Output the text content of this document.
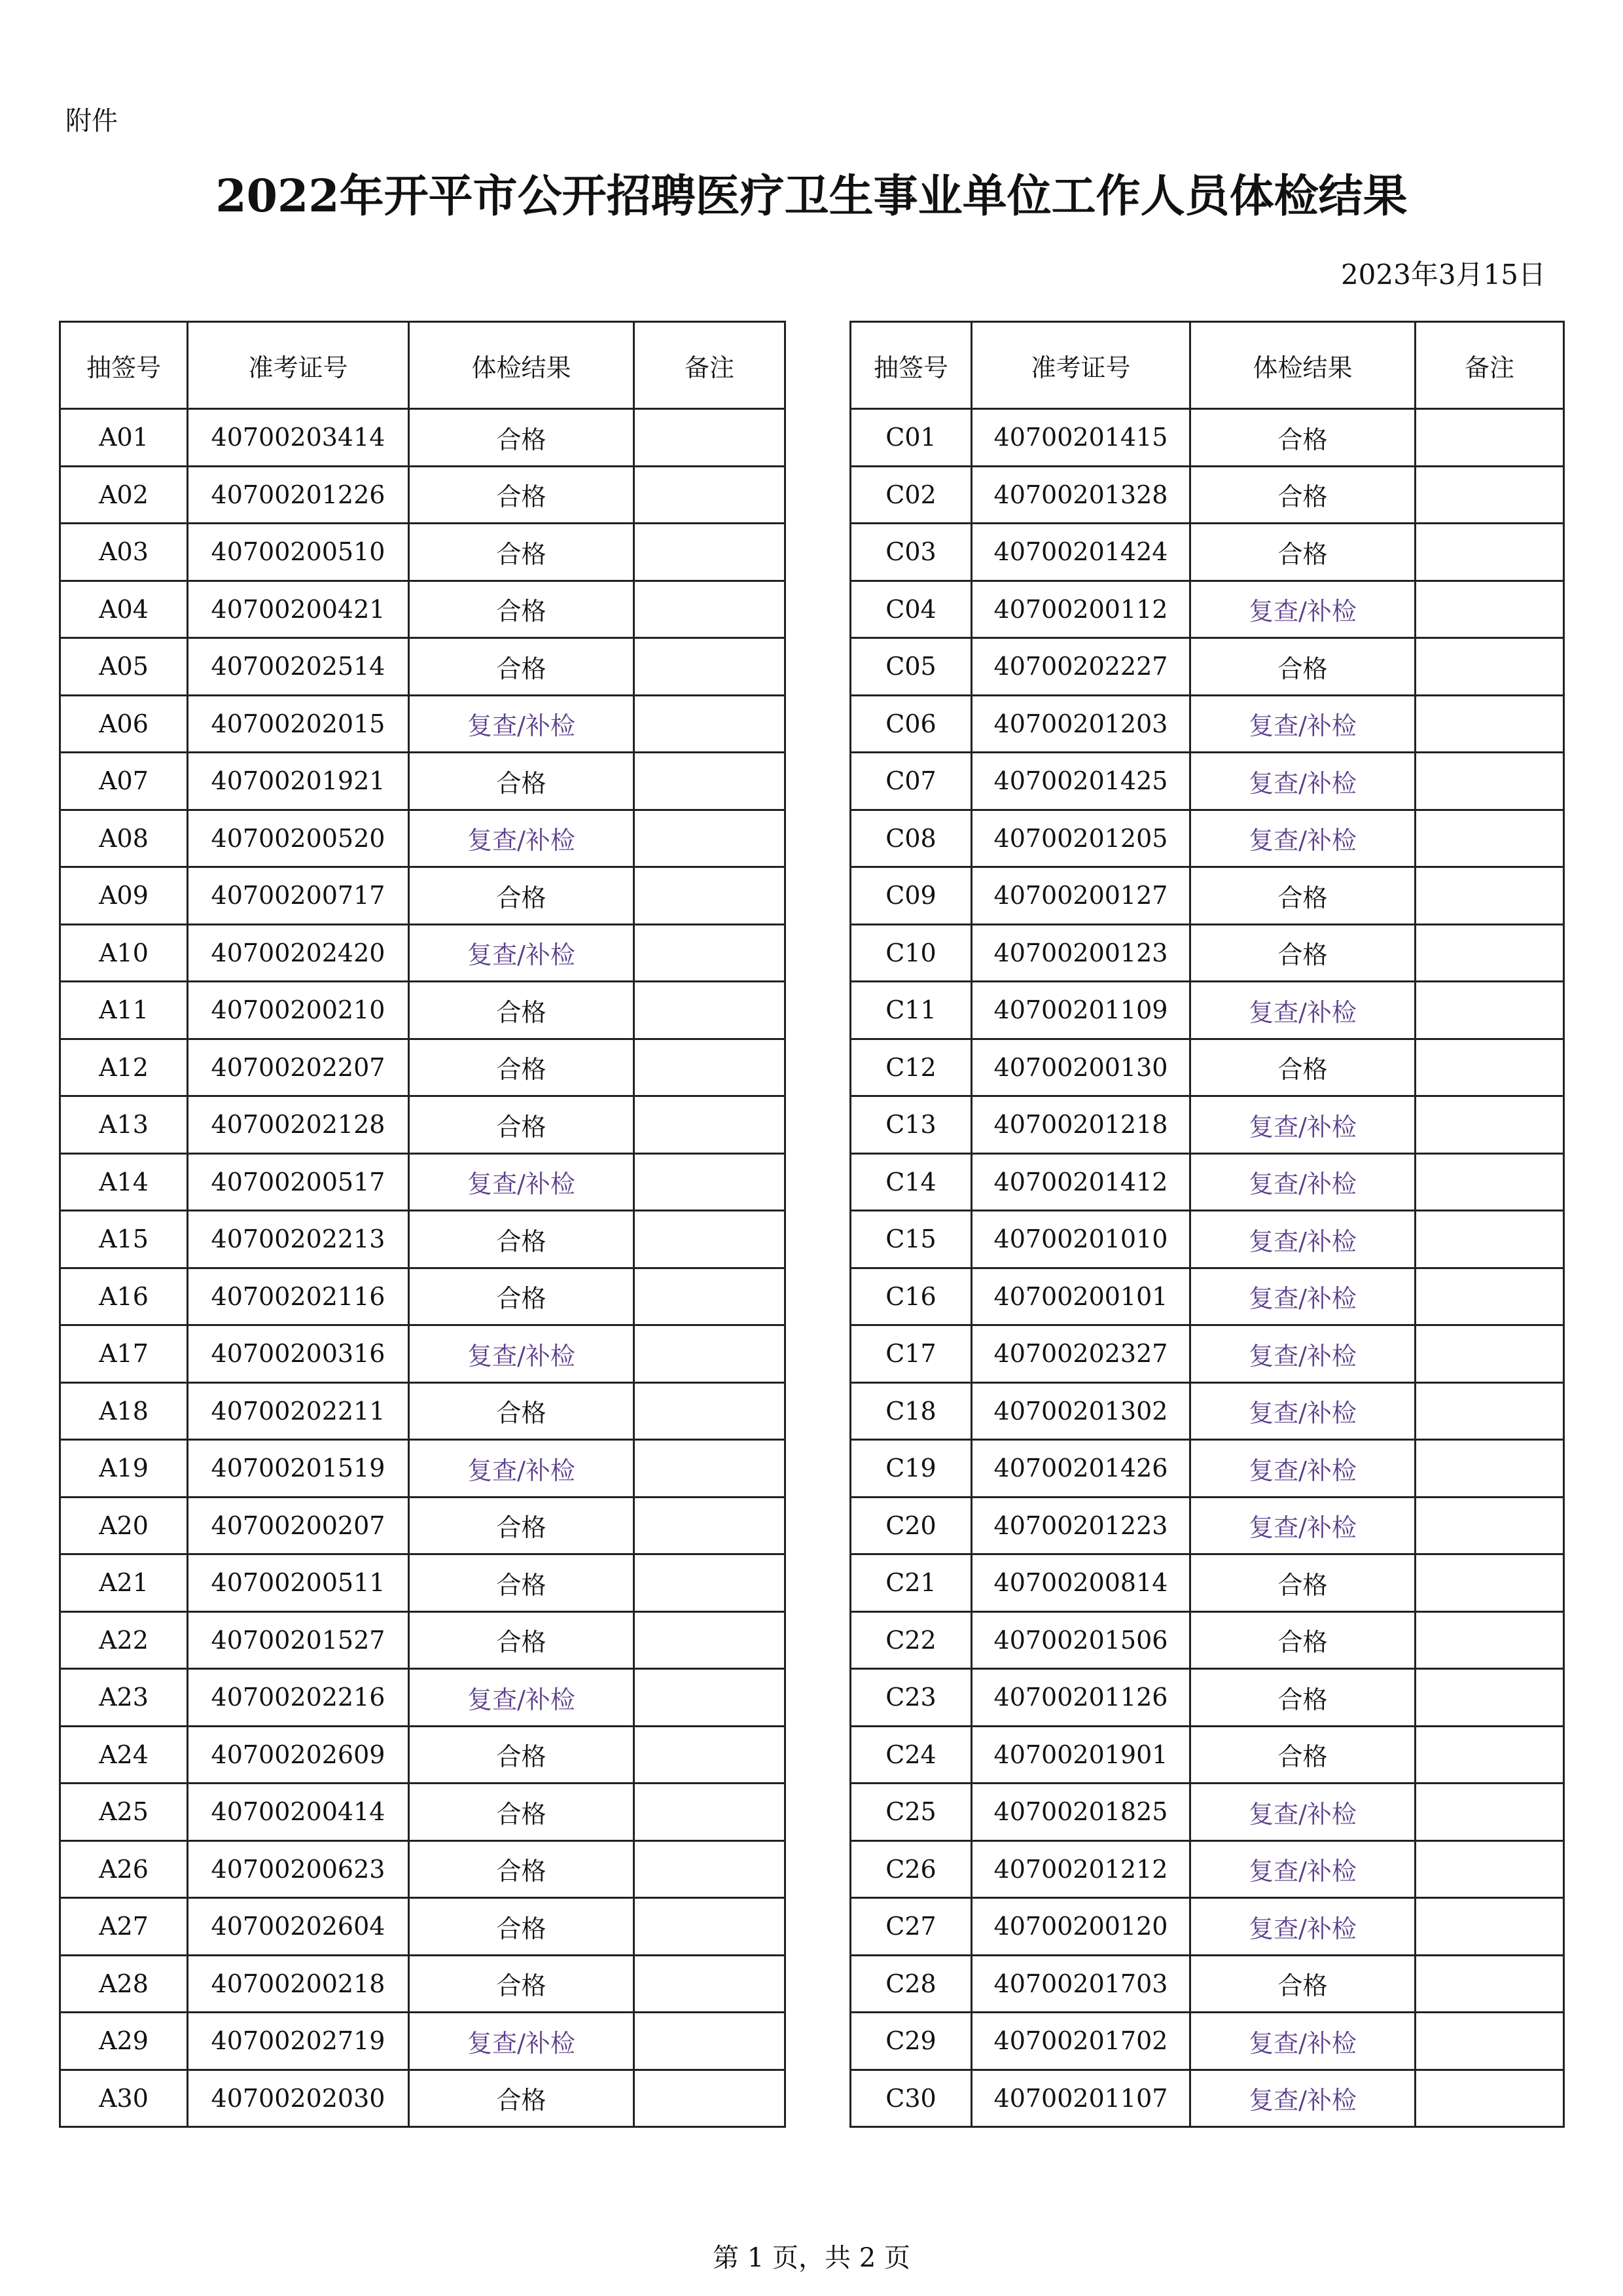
附件
2022年开平市公开招聘医疗卫生事业单位工作人员体检结果
2023年3月15日
抽签号	准考证号	体检结果	备注
A01	40700203414	合格	
A02	40700201226	合格	
A03	40700200510	合格	
A04	40700200421	合格	
A05	40700202514	合格	
A06	40700202015	复查/补检	
A07	40700201921	合格	
A08	40700200520	复查/补检	
A09	40700200717	合格	
A10	40700202420	复查/补检	
A11	40700200210	合格	
A12	40700202207	合格	
A13	40700202128	合格	
A14	40700200517	复查/补检	
A15	40700202213	合格	
A16	40700202116	合格	
A17	40700200316	复查/补检	
A18	40700202211	合格	
A19	40700201519	复查/补检	
A20	40700200207	合格	
A21	40700200511	合格	
A22	40700201527	合格	
A23	40700202216	复查/补检	
A24	40700202609	合格	
A25	40700200414	合格	
A26	40700200623	合格	
A27	40700202604	合格	
A28	40700200218	合格	
A29	40700202719	复查/补检	
A30	40700202030	合格	
抽签号	准考证号	体检结果	备注
C01	40700201415	合格	
C02	40700201328	合格	
C03	40700201424	合格	
C04	40700200112	复查/补检	
C05	40700202227	合格	
C06	40700201203	复查/补检	
C07	40700201425	复查/补检	
C08	40700201205	复查/补检	
C09	40700200127	合格	
C10	40700200123	合格	
C11	40700201109	复查/补检	
C12	40700200130	合格	
C13	40700201218	复查/补检	
C14	40700201412	复查/补检	
C15	40700201010	复查/补检	
C16	40700200101	复查/补检	
C17	40700202327	复查/补检	
C18	40700201302	复查/补检	
C19	40700201426	复查/补检	
C20	40700201223	复查/补检	
C21	40700200814	合格	
C22	40700201506	合格	
C23	40700201126	合格	
C24	40700201901	合格	
C25	40700201825	复查/补检	
C26	40700201212	复查/补检	
C27	40700200120	复查/补检	
C28	40700201703	合格	
C29	40700201702	复查/补检	
C30	40700201107	复查/补检	
第 1 页，共 2 页
